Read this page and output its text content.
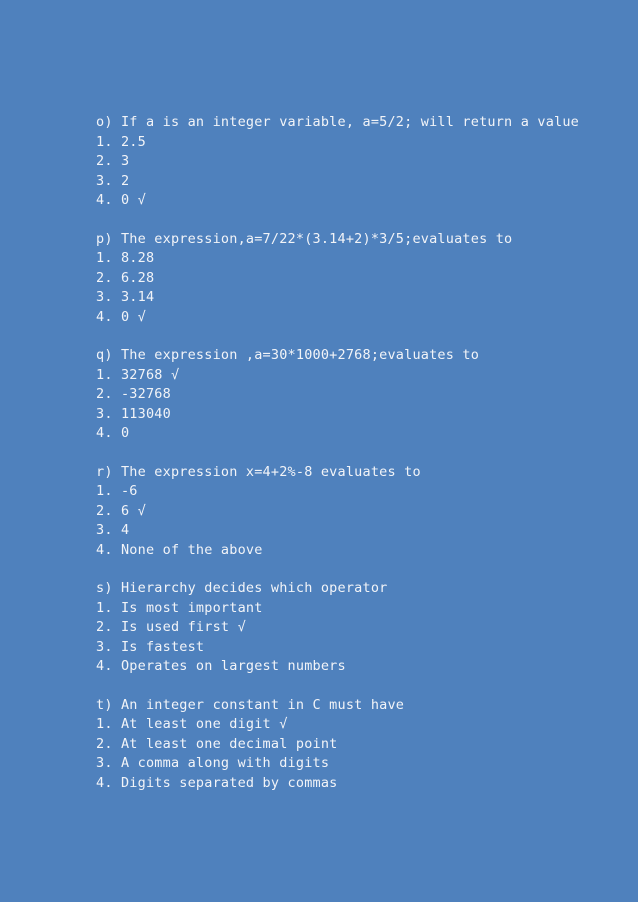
o) If a is an integer variable, a=5/2; will return a value
1. 2.5
2. 3
3. 2
4. 0 √
p) The expression,a=7/22*(3.14+2)*3/5;evaluates to
1. 8.28
2. 6.28
3. 3.14
4. 0 √
q) The expression ,a=30*1000+2768;evaluates to
1. 32768 √
2. -32768
3. 113040
4. 0
r) The expression x=4+2%-8 evaluates to
1. -6
2. 6 √
3. 4
4. None of the above
s) Hierarchy decides which operator
1. Is most important
2. Is used first √
3. Is fastest
4. Operates on largest numbers
t) An integer constant in C must have
1. At least one digit √
2. At least one decimal point
3. A comma along with digits
4. Digits separated by commas
